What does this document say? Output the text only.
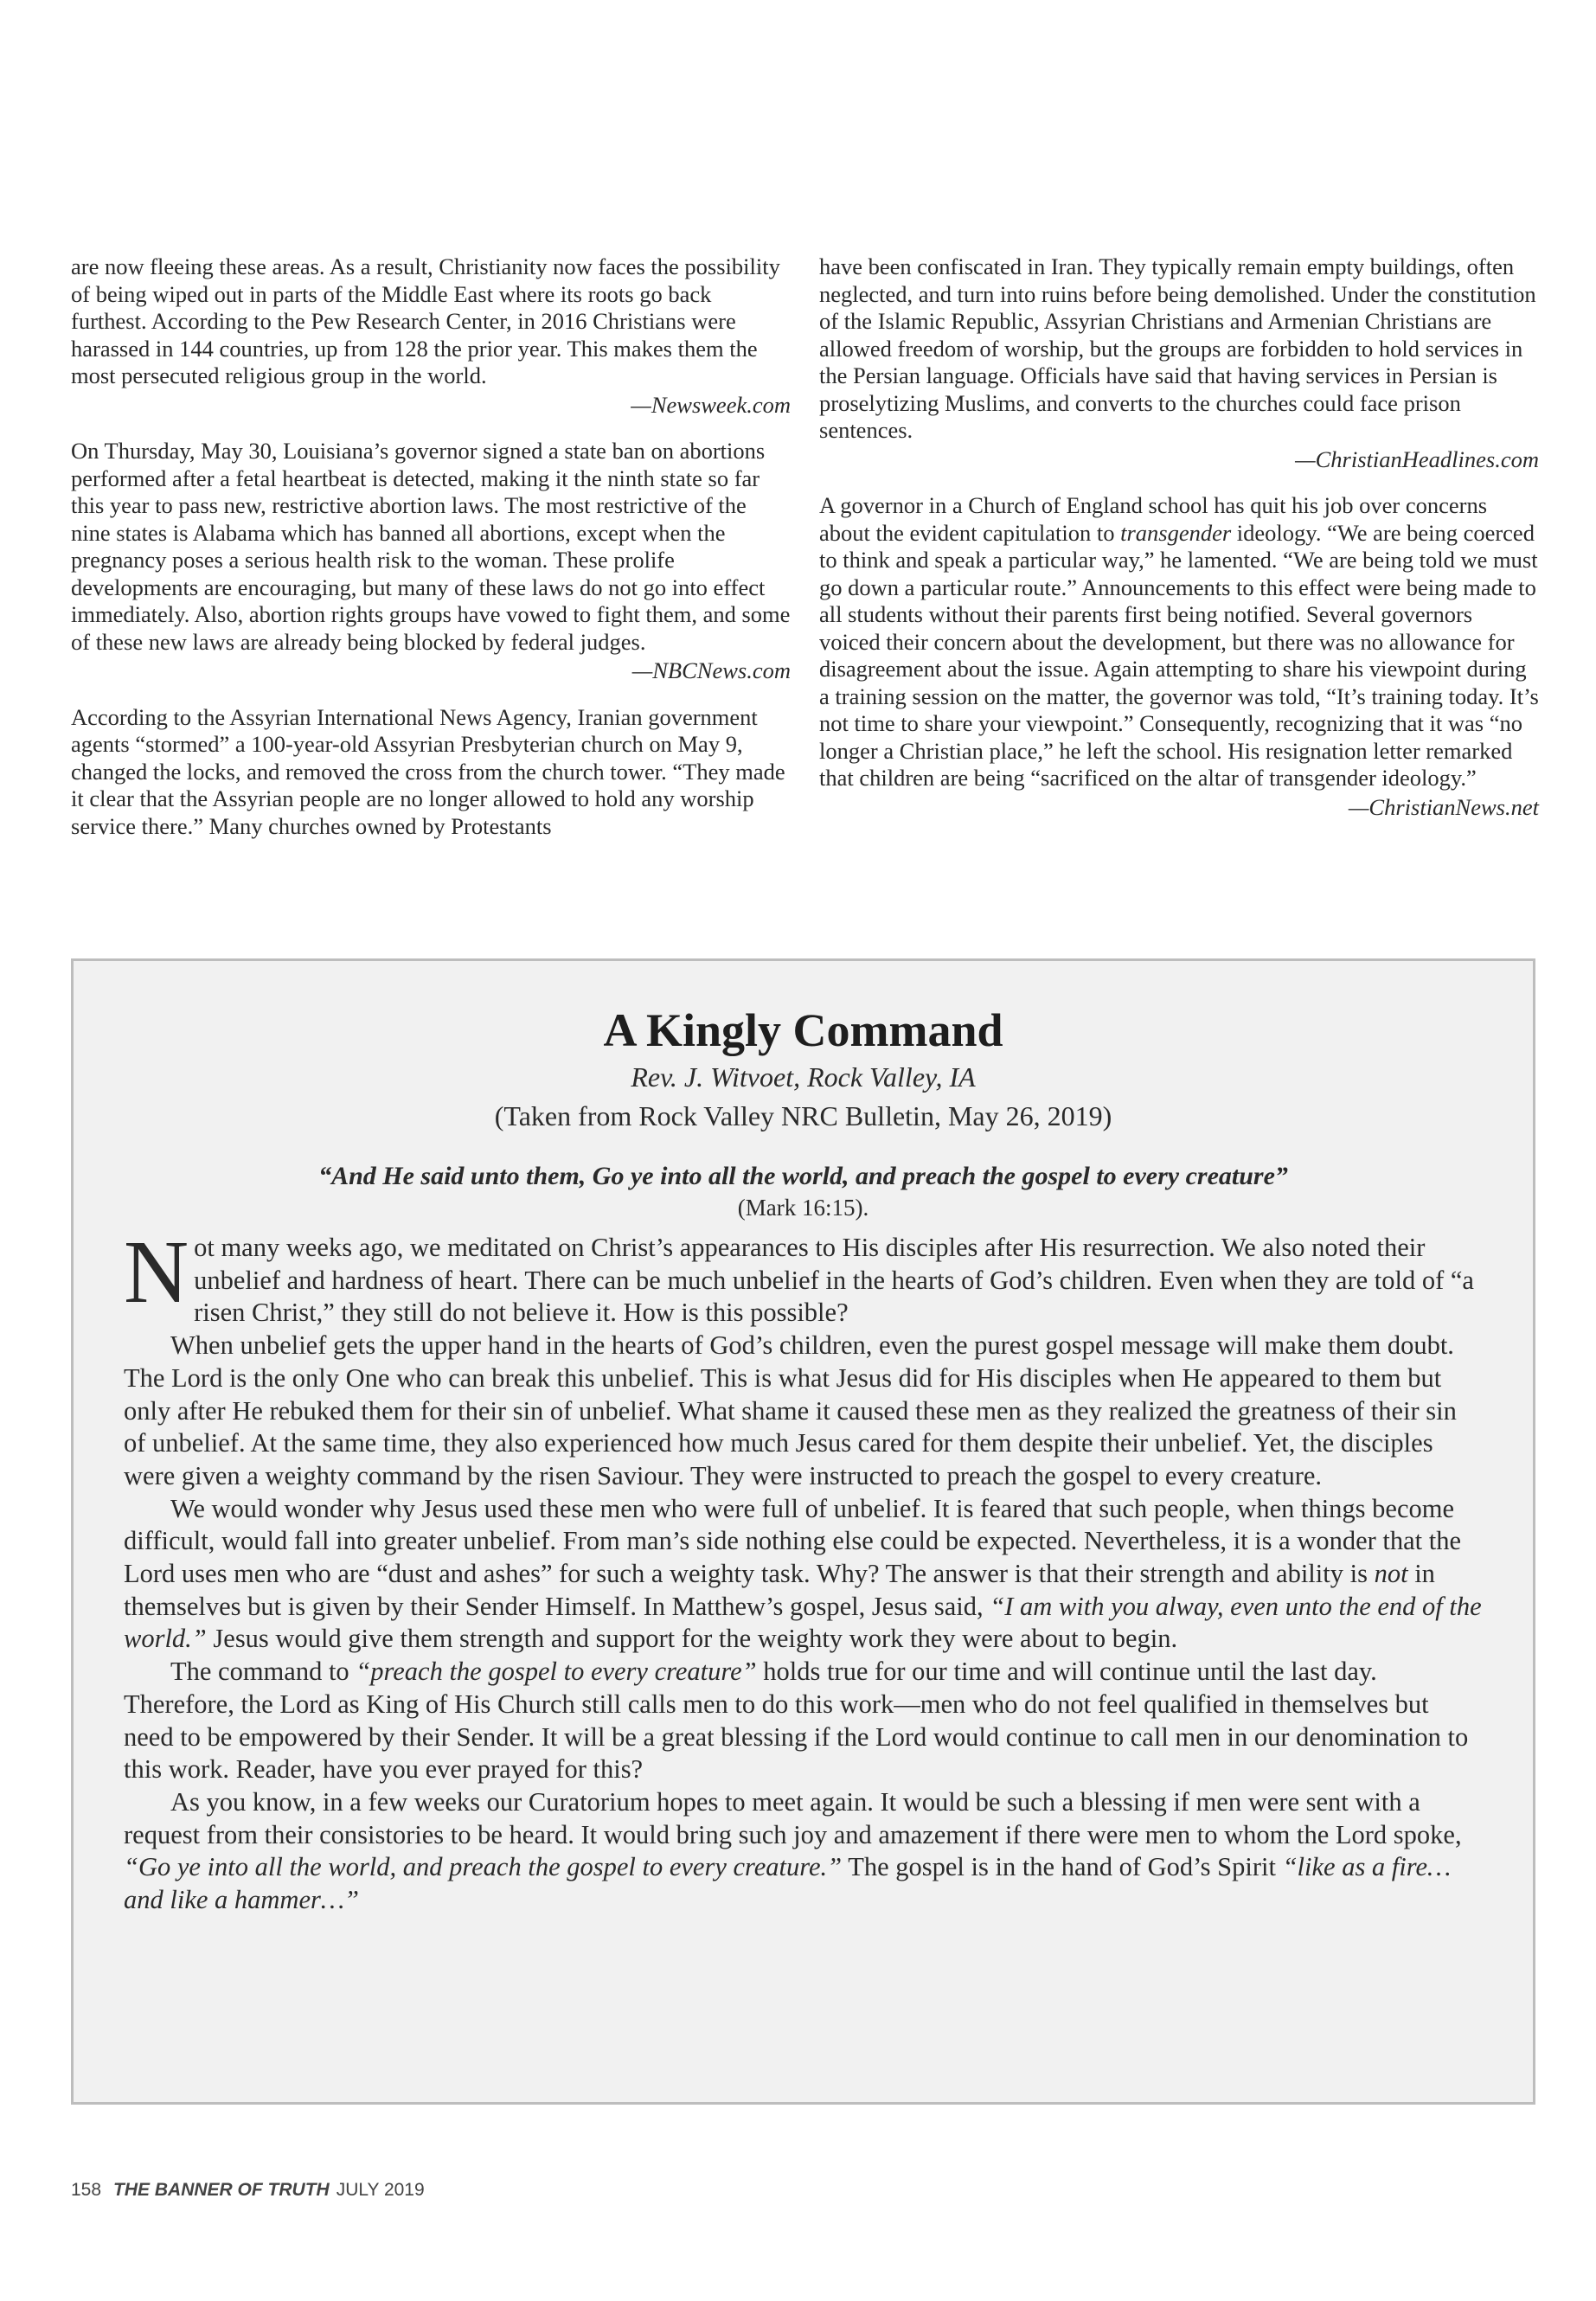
are now fleeing these areas. As a result, Christianity now faces the possibility of being wiped out in parts of the Middle East where its roots go back furthest. According to the Pew Research Center, in 2016 Christians were harassed in 144 countries, up from 128 the prior year. This makes them the most persecuted religious group in the world.

—Newsweek.com

On Thursday, May 30, Louisiana’s governor signed a state ban on abortions performed after a fetal heartbeat is detected, making it the ninth state so far this year to pass new, restrictive abortion laws. The most restrictive of the nine states is Alabama which has banned all abortions, except when the pregnancy poses a serious health risk to the woman. These prolife developments are encouraging, but many of these laws do not go into effect immediately. Also, abortion rights groups have vowed to fight them, and some of these new laws are already being blocked by federal judges.

—NBCNews.com

According to the Assyrian International News Agency, Iranian government agents “stormed” a 100-year-old Assyrian Presbyterian church on May 9, changed the locks, and removed the cross from the church tower. “They made it clear that the Assyrian people are no longer allowed to hold any worship service there.” Many churches owned by Protestants

have been confiscated in Iran. They typically remain empty buildings, often neglected, and turn into ruins before being demolished. Under the constitution of the Islamic Republic, Assyrian Christians and Armenian Christians are allowed freedom of worship, but the groups are forbidden to hold services in the Persian language. Officials have said that having services in Persian is proselytizing Muslims, and converts to the churches could face prison sentences.

—ChristianHeadlines.com

A governor in a Church of England school has quit his job over concerns about the evident capitulation to transgender ideology. “We are being coerced to think and speak a particular way,” he lamented. “We are being told we must go down a particular route.” Announcements to this effect were being made to all students without their parents first being notified. Several governors voiced their concern about the development, but there was no allowance for disagreement about the issue. Again attempting to share his viewpoint during a training session on the matter, the governor was told, “It’s training today. It’s not time to share your viewpoint.” Consequently, recognizing that it was “no longer a Christian place,” he left the school. His resignation letter remarked that children are being “sacrificed on the altar of transgender ideology.”

—ChristianNews.net
A Kingly Command
Rev. J. Witvoet, Rock Valley, IA
(Taken from Rock Valley NRC Bulletin, May 26, 2019)
“And He said unto them, Go ye into all the world, and preach the gospel to every creature”
(Mark 16:15).

Not many weeks ago, we meditated on Christ’s appearances to His disciples after His resurrection. We also noted their unbelief and hardness of heart. There can be much unbelief in the hearts of God’s children. Even when they are told of “a risen Christ,” they still do not believe it. How is this possible?

When unbelief gets the upper hand in the hearts of God’s children, even the purest gospel message will make them doubt. The Lord is the only One who can break this unbelief. This is what Jesus did for His disciples when He appeared to them but only after He rebuked them for their sin of unbelief. What shame it caused these men as they realized the greatness of their sin of unbelief. At the same time, they also experienced how much Jesus cared for them despite their unbelief. Yet, the disciples were given a weighty command by the risen Saviour. They were instructed to preach the gospel to every creature.

We would wonder why Jesus used these men who were full of unbelief. It is feared that such people, when things become difficult, would fall into greater unbelief. From man’s side nothing else could be expected. Nevertheless, it is a wonder that the Lord uses men who are “dust and ashes” for such a weighty task. Why? The answer is that their strength and ability is not in themselves but is given by their Sender Himself. In Matthew’s gospel, Jesus said, “I am with you alway, even unto the end of the world.” Jesus would give them strength and support for the weighty work they were about to begin.

The command to “preach the gospel to every creature” holds true for our time and will continue until the last day. Therefore, the Lord as King of His Church still calls men to do this work—men who do not feel qualified in themselves but need to be empowered by their Sender. It will be a great blessing if the Lord would continue to call men in our denomination to this work. Reader, have you ever prayed for this?

As you know, in a few weeks our Curatorium hopes to meet again. It would be such a blessing if men were sent with a request from their consistories to be heard. It would bring such joy and amazement if there were men to whom the Lord spoke, “Go ye into all the world, and preach the gospel to every creature.” The gospel is in the hand of God’s Spirit “like as a fire…and like a hammer…”

158 THE BANNER OF TRUTH JULY 2019
